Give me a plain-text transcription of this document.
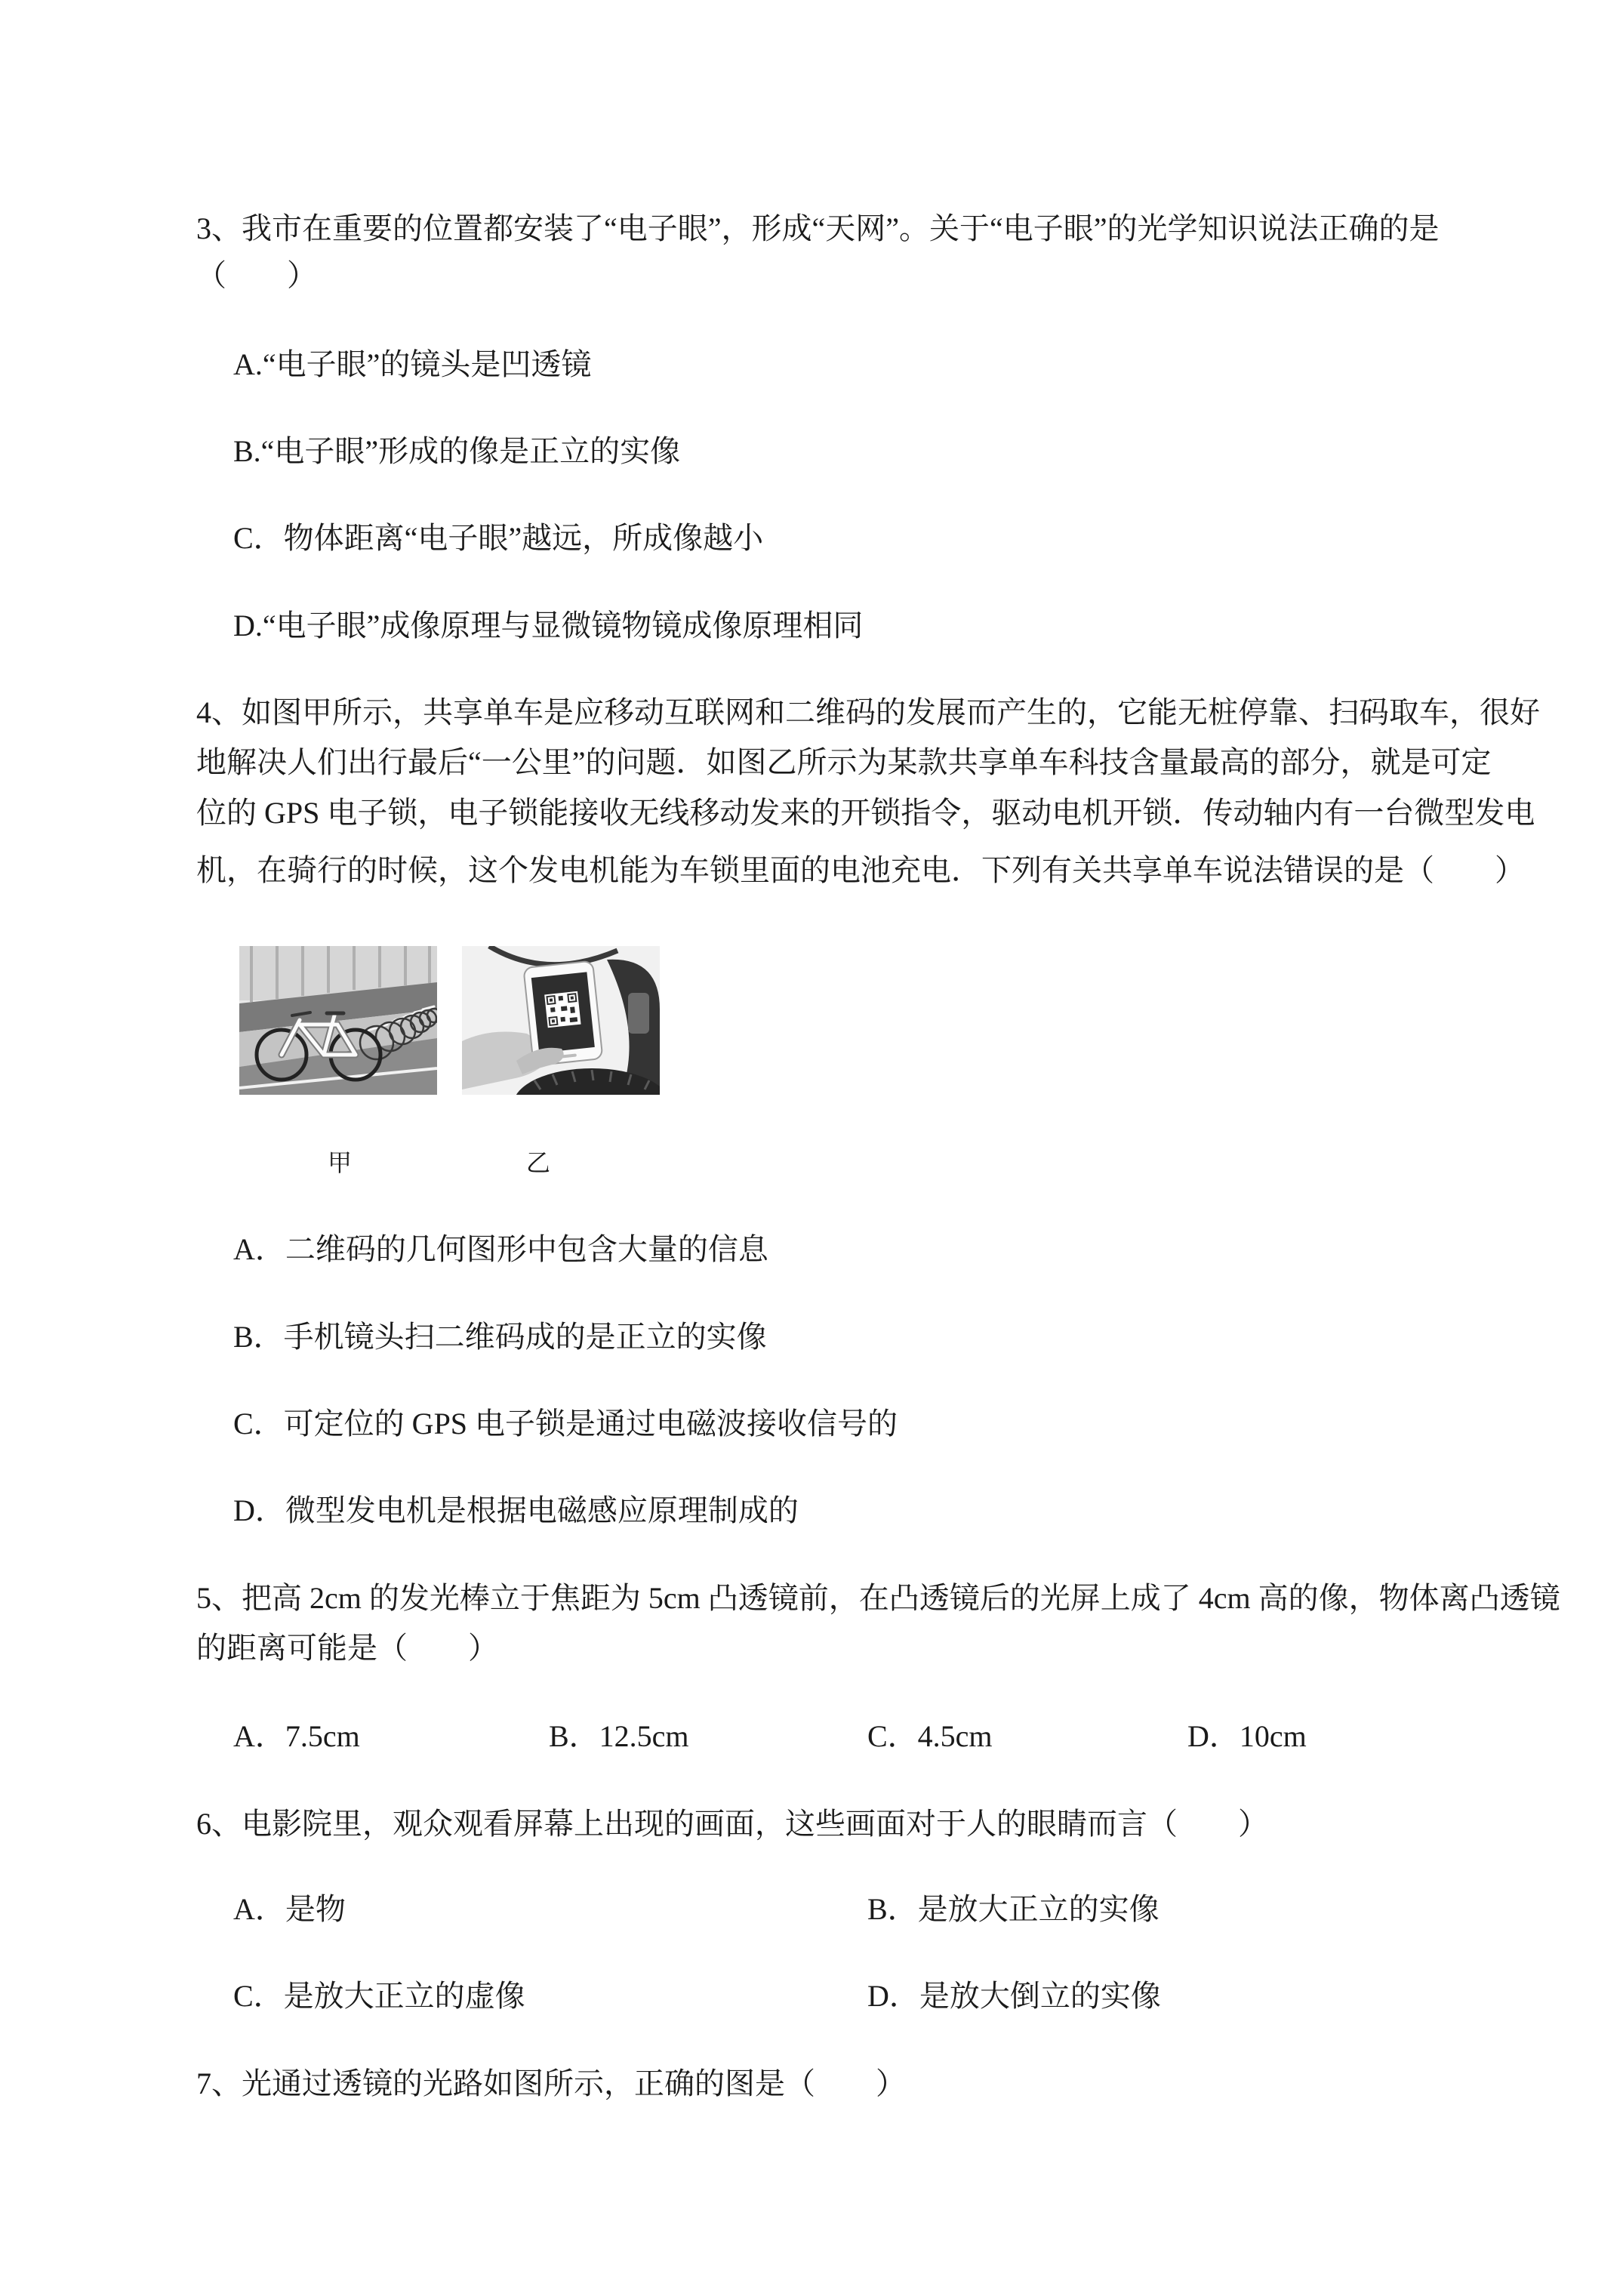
3、我市在重要的位置都安装了“电子眼”，形成“天网”。关于“电子眼”的光学知识说法正确的是
（　　）
A.“电子眼”的镜头是凹透镜
B.“电子眼”形成的像是正立的实像
C．物体距离“电子眼”越远，所成像越小
D.“电子眼”成像原理与显微镜物镜成像原理相同
4、如图甲所示，共享单车是应移动互联网和二维码的发展而产生的，它能无桩停靠、扫码取车，很好
地解决人们出行最后“一公里”的问题．如图乙所示为某款共享单车科技含量最高的部分，就是可定
位的 GPS 电子锁，电子锁能接收无线移动发来的开锁指令，驱动电机开锁．传动轴内有一台微型发电
机，在骑行的时候，这个发电机能为车锁里面的电池充电．下列有关共享单车说法错误的是（　　）
甲	乙
A．二维码的几何图形中包含大量的信息
B．手机镜头扫二维码成的是正立的实像
C．可定位的 GPS 电子锁是通过电磁波接收信号的
D．微型发电机是根据电磁感应原理制成的
5、把高 2cm 的发光棒立于焦距为 5cm 凸透镜前，在凸透镜后的光屏上成了 4cm 高的像，物体离凸透镜
的距离可能是（　　）
A．7.5cm	B．12.5cm	C．4.5cm	D．10cm
6、电影院里，观众观看屏幕上出现的画面，这些画面对于人的眼睛而言（　　）
A．是物	B．是放大正立的实像
C．是放大正立的虚像	D．是放大倒立的实像
7、光通过透镜的光路如图所示，正确的图是（　　）
